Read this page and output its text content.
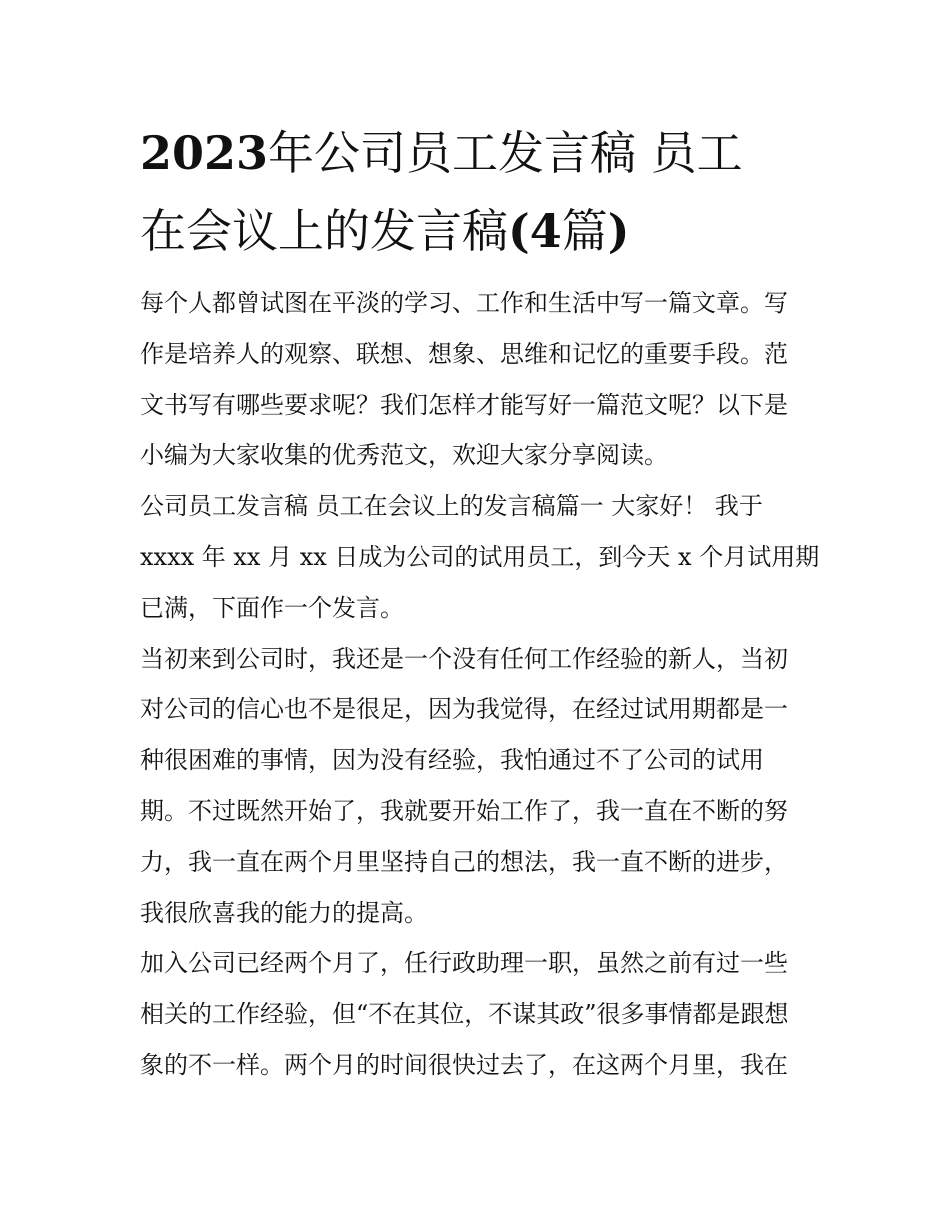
2023年公司员工发言稿 员工
在会议上的发言稿(4篇)

每个人都曾试图在平淡的学习、工作和生活中写一篇文章。写
作是培养人的观察、联想、想象、思维和记忆的重要手段。范
文书写有哪些要求呢？我们怎样才能写好一篇范文呢？以下是
小编为大家收集的优秀范文，欢迎大家分享阅读。

公司员工发言稿 员工在会议上的发言稿篇一 大家好！ 我于
xxxx 年 xx 月 xx 日成为公司的试用员工，到今天 x 个月试用期
已满，下面作一个发言。

当初来到公司时，我还是一个没有任何工作经验的新人，当初
对公司的信心也不是很足，因为我觉得，在经过试用期都是一
种很困难的事情，因为没有经验，我怕通过不了公司的试用
期。不过既然开始了，我就要开始工作了，我一直在不断的努
力，我一直在两个月里坚持自己的想法，我一直不断的进步，
我很欣喜我的能力的提高。

加入公司已经两个月了，任行政助理一职，虽然之前有过一些
相关的工作经验，但“不在其位，不谋其政”很多事情都是跟想
象的不一样。两个月的时间很快过去了，在这两个月里，我在
